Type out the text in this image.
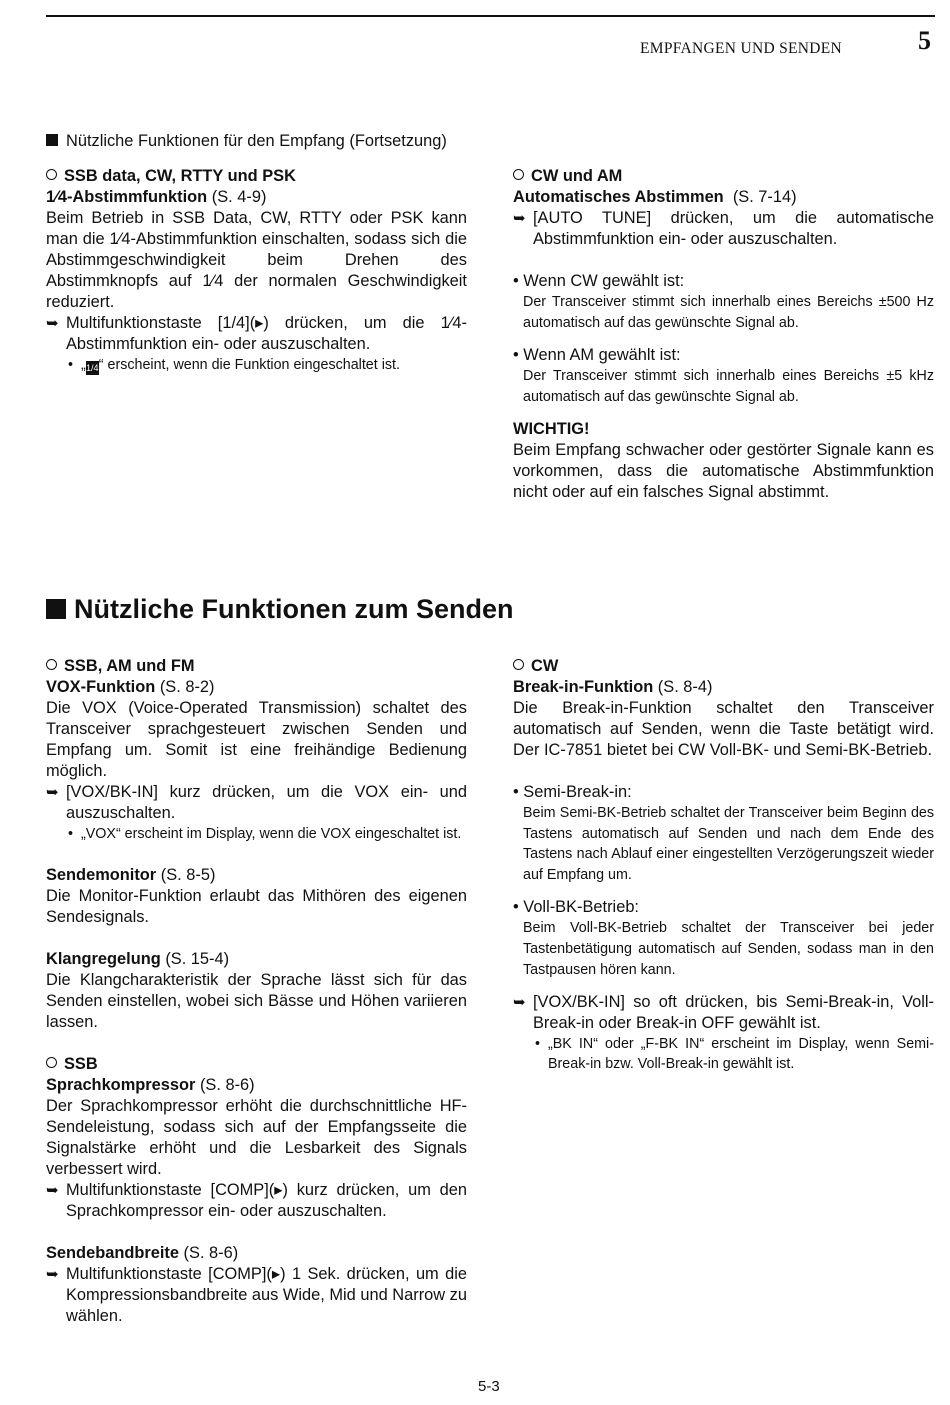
EMPFANGEN UND SENDEN	5
Nützliche Funktionen für den Empfang (Fortsetzung)

SSB data, CW, RTTY und PSK

1⁄4-Abstimmfunktion (S. 4-9)

Beim Betrieb in SSB Data, CW, RTTY oder PSK kann man die 1⁄4-Abstimmfunktion einschalten, sodass sich die Abstimmgeschwindigkeit beim Drehen des Abstimmknopfs auf 1⁄4 der normalen Geschwindigkeit reduziert.

➥ Multifunktionstaste [1/4](▸) drücken, um die 1⁄4-Abstimmfunktion ein- oder auszuschalten.

• „1/4“ erscheint, wenn die Funktion eingeschaltet ist.

CW und AM

Automatisches Abstimmen (S. 7-14)

➥ [AUTO TUNE] drücken, um die automatische Abstimmfunktion ein- oder auszuschalten.

• Wenn CW gewählt ist:

Der Transceiver stimmt sich innerhalb eines Bereichs ±500 Hz automatisch auf das gewünschte Signal ab.

• Wenn AM gewählt ist:

Der Transceiver stimmt sich innerhalb eines Bereichs ±5 kHz automatisch auf das gewünschte Signal ab.

WICHTIG!

Beim Empfang schwacher oder gestörter Signale kann es vorkommen, dass die automatische Abstimmfunktion nicht oder auf ein falsches Signal abstimmt.

Nützliche Funktionen zum Senden

SSB, AM und FM

VOX-Funktion (S. 8-2)

Die VOX (Voice-Operated Transmission) schaltet des Transceiver sprachgesteuert zwischen Senden und Empfang um. Somit ist eine freihändige Bedienung möglich.

➥ [VOX/BK-IN] kurz drücken, um die VOX ein- und auszuschalten.

• „VOX“ erscheint im Display, wenn die VOX eingeschaltet ist.

Sendemonitor (S. 8-5)

Die Monitor-Funktion erlaubt das Mithören des eigenen Sendesignals.

Klangregelung (S. 15-4)

Die Klangcharakteristik der Sprache lässt sich für das Senden einstellen, wobei sich Bässe und Höhen variieren lassen.

SSB

Sprachkompressor (S. 8-6)

Der Sprachkompressor erhöht die durchschnittliche HF-Sendeleistung, sodass sich auf der Empfangsseite die Signalstärke erhöht und die Lesbarkeit des Signals verbessert wird.

➥ Multifunktionstaste [COMP](▸) kurz drücken, um den Sprachkompressor ein- oder auszuschalten.

Sendebandbreite (S. 8-6)

➥ Multifunktionstaste [COMP](▸) 1 Sek. drücken, um die Kompressionsbandbreite aus Wide, Mid und Narrow zu wählen.

CW

Break-in-Funktion (S. 8-4)

Die Break-in-Funktion schaltet den Transceiver automatisch auf Senden, wenn die Taste betätigt wird. Der IC-7851 bietet bei CW Voll-BK- und Semi-BK-Betrieb.

• Semi-Break-in:

Beim Semi-BK-Betrieb schaltet der Transceiver beim Beginn des Tastens automatisch auf Senden und nach dem Ende des Tastens nach Ablauf einer eingestellten Verzögerungszeit wieder auf Empfang um.

• Voll-BK-Betrieb:

Beim Voll-BK-Betrieb schaltet der Transceiver bei jeder Tastenbetätigung automatisch auf Senden, sodass man in den Tastpausen hören kann.

➥ [VOX/BK-IN] so oft drücken, bis Semi-Break-in, Voll-Break-in oder Break-in OFF gewählt ist.

• „BK IN“ oder „F-BK IN“ erscheint im Display, wenn Semi-Break-in bzw. Voll-Break-in gewählt ist.

5-3
